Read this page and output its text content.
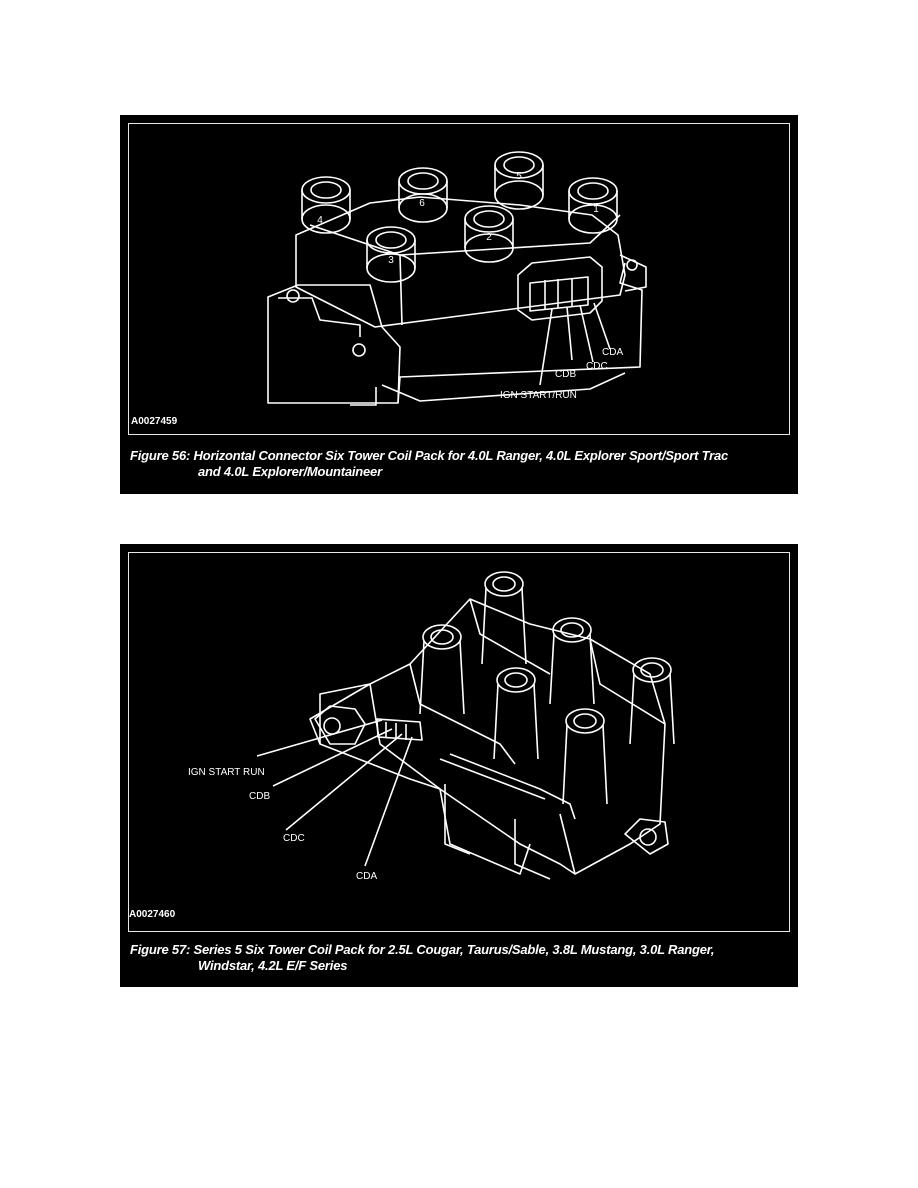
4
6
5
1
3
2
CDA
CDC
CDB
IGN START/RUN
A0027459
Figure 56: Horizontal Connector Six Tower Coil Pack for 4.0L Ranger, 4.0L Explorer Sport/Sport Trac
and 4.0L Explorer/Mountaineer
IGN START RUN
CDB
CDC
CDA
A0027460
Figure 57: Series 5 Six Tower Coil Pack for 2.5L Cougar, Taurus/Sable, 3.8L Mustang, 3.0L Ranger,
Windstar, 4.2L E/F Series
